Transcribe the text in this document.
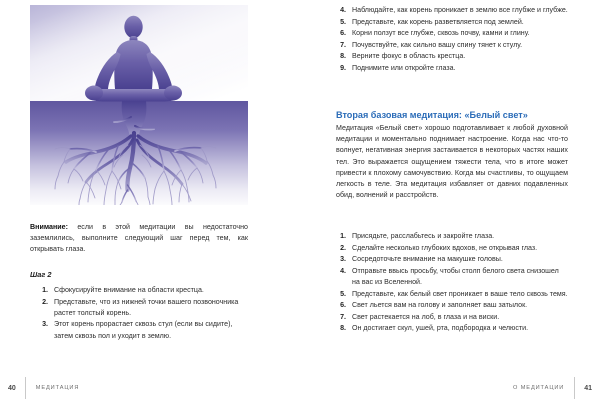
Внимание: если в этой медитации вы недостаточно заземлились, выполните следующий шаг перед тем, как открывать глаза.
Шаг 2
1. Сфокусируйте внимание на области крестца.
2. Представьте, что из нижней точки вашего позвоночника растет толстый корень.
3. Этот корень прорастает сквозь стул (если вы сидите), затем сквозь пол и уходит в землю.
40	МЕДИТАЦИЯ
4. Наблюдайте, как корень проникает в землю все глубже и глубже.
5. Представьте, как корень разветвляется под землей.
6. Корни ползут все глубже, сквозь почву, камни и глину.
7. Почувствуйте, как сильно вашу спину тянет к стулу.
8. Верните фокус в область крестца.
9. Поднимите или откройте глаза.
Вторая базовая медитация: «Белый свет»
Медитация «Белый свет» хорошо подготавливает к любой духовной медитации и моментально поднимает настроение. Когда нас что-то волнует, негативная энергия застаивается в некоторых частях наших тел. Это выражается ощущением тяжести тела, что в итоге может привести к плохому самочувствию. Когда мы счастливы, то ощущаем легкость в теле. Эта медитация избавляет от давних подавленных обид, волнений и расстройств.
1. Присядьте, расслабьтесь и закройте глаза.
2. Сделайте несколько глубоких вдохов, не открывая глаз.
3. Сосредоточьте внимание на макушке головы.
4. Отправьте ввысь просьбу, чтобы столп белого света снизошел на вас из Вселенной.
5. Представьте, как белый свет проникает в ваше тело сквозь темя.
6. Свет льется вам на голову и заполняет ваш затылок.
7. Свет растекается на лоб, в глаза и на виски.
8. Он достигает скул, ушей, рта, подбородка и челюсти.
О МЕДИТАЦИИ	41
